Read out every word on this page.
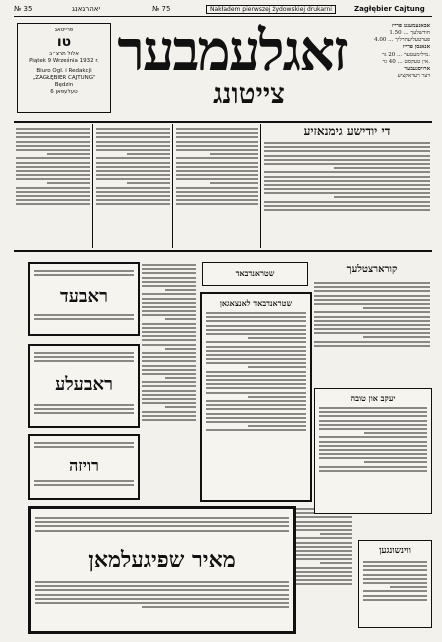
№ 35	יאהרגאנג	№ 75	Nakładem pierwszej żydowskiej drukarni	Zagłębier Cajtung
פרייטאג
טו
אלול תרצ״ב
Piątek 9 Września 1932 r.
Biuro Ogł. i Redakcji
„ZAGŁĘBIER CAJTUNG"
Będzin
טעלעפאן 6
זאגלעמבער
צייטונג
אבאנעמענט פרייז
חודשלעך ... 1.50
פערטעליעהרליך ... 4.00
אנאנסן פרייז
מילימעטער ... 20 גר.
אין טעקסט ... 40 גר.
ארויסגעבער
דער רעדאקציע
די יודישע גימנאזיע
ראבעד
ראבעלע
רויזה
מאיר שפיגעלמאן
שטראנדבאד
שטראנדבאד לאנצאגאן
קורארצטלעך
יעקב און טובה
ווינשונגען
